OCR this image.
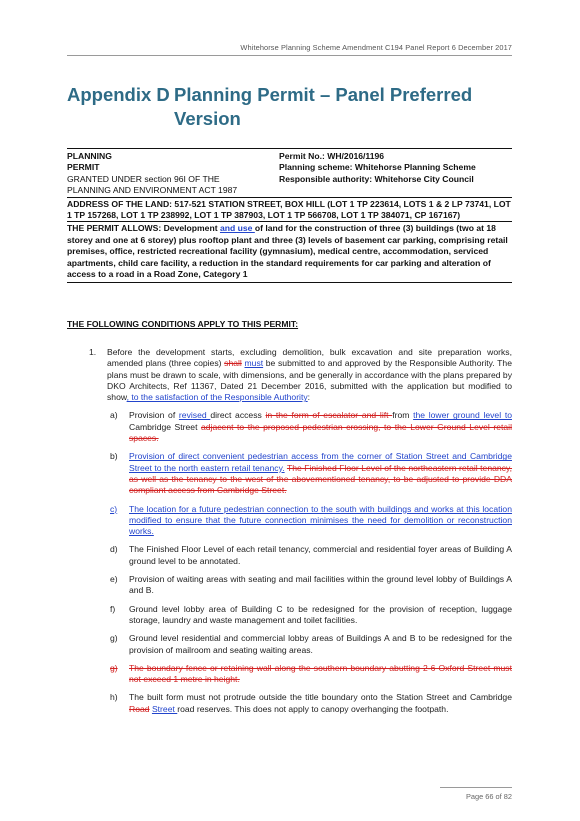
Whitehorse Planning Scheme Amendment C194 Panel Report 6 December 2017
Appendix D Planning Permit – Panel Preferred
Version
PLANNING
PERMIT
GRANTED UNDER section 96I OF THE
PLANNING AND ENVIRONMENT ACT 1987
Permit No.: WH/2016/1196
Planning scheme: Whitehorse Planning Scheme
Responsible authority: Whitehorse City Council
ADDRESS OF THE LAND: 517-521 STATION STREET, BOX HILL (LOT 1 TP 223614, LOTS 1 & 2 LP 73741, LOT 1 TP 157268, LOT 1 TP 238992, LOT 1 TP 387903, LOT 1 TP 566708, LOT 1 TP 384071, CP 167167)
THE PERMIT ALLOWS: Development and use of land for the construction of three (3) buildings (two at 18 storey and one at 6 storey) plus rooftop plant and three (3) levels of basement car parking, comprising retail premises, office, restricted recreational facility (gymnasium), medical centre, accommodation, serviced apartments, child care facility, a reduction in the standard requirements for car parking and alteration of access to a road in a Road Zone, Category 1
THE FOLLOWING CONDITIONS APPLY TO THIS PERMIT:
1.	Before the development starts, excluding demolition, bulk excavation and site preparation works, amended plans (three copies) shall must be submitted to and approved by the Responsible Authority. The plans must be drawn to scale, with dimensions, and be generally in accordance with the plans prepared by DKO Architects, Ref 11367, Dated 21 December 2016, submitted with the application but modified to show, to the satisfaction of the Responsible Authority:
a)	Provision of revised direct access in the form of escalator and lift from the lower ground level to Cambridge Street adjacent to the proposed pedestrian crossing, to the Lower Ground Level retail spaces.
b)	Provision of direct convenient pedestrian access from the corner of Station Street and Cambridge Street to the north eastern retail tenancy. The Finished Floor Level of the northeastern retail tenancy, as well as the tenancy to the west of the abovementioned tenancy, to be adjusted to provide DDA compliant access from Cambridge Street.
c)	The location for a future pedestrian connection to the south with buildings and works at this location modified to ensure that the future connection minimises the need for demolition or reconstruction works.
d)	The Finished Floor Level of each retail tenancy, commercial and residential foyer areas of Building A ground level to be annotated.
e)	Provision of waiting areas with seating and mail facilities within the ground level lobby of Buildings A and B.
f)	Ground level lobby area of Building C to be redesigned for the provision of reception, luggage storage, laundry and waste management and toilet facilities.
g)	Ground level residential and commercial lobby areas of Buildings A and B to be redesigned for the provision of mailroom and seating waiting areas.
g)	The boundary fence or retaining wall along the southern boundary abutting 2-6 Oxford Street must not exceed 1 metre in height.
h)	The built form must not protrude outside the title boundary onto the Station Street and Cambridge Road Street road reserves. This does not apply to canopy overhanging the footpath.
Page 66 of 82
